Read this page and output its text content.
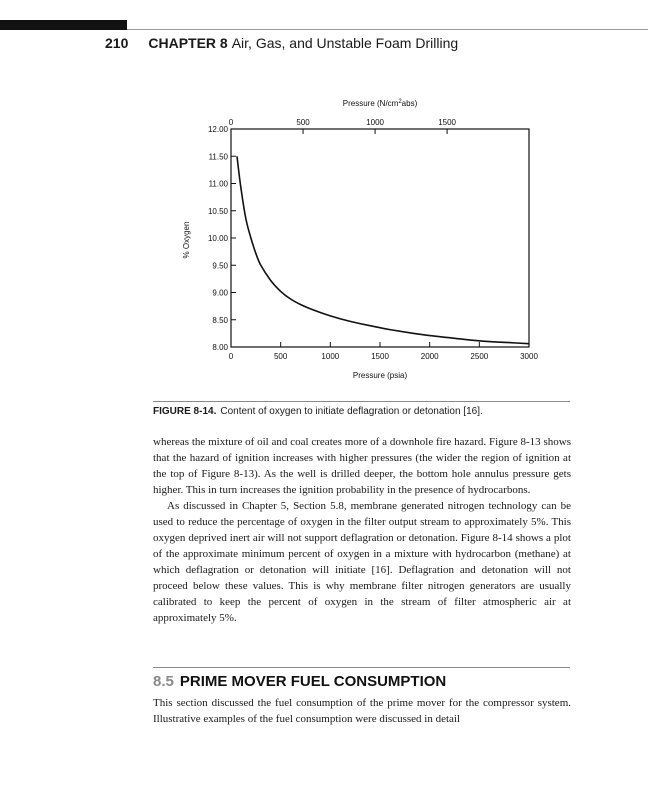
210 CHAPTER 8 Air, Gas, and Unstable Foam Drilling
0	500	1000	1500	2000	2500	3000
0	500	1000	1500
8.00
8.50
9.00
9.50
10.00
10.50
11.00
11.50
12.00
Pressure (psia)
Pressure $(N/cm^2abs)$
% Oxygen
FIGURE 8-14. Content of oxygen to initiate deflagration or detonation [16].

whereas the mixture of oil and coal creates more of a downhole fire hazard. Figure 8-13 shows that the hazard of ignition increases with higher pressures (the wider the region of ignition at the top of Figure 8-13). As the well is drilled deeper, the bottom hole annulus pressure gets higher. This in turn increases the ignition probability in the presence of hydrocarbons.

As discussed in Chapter 5, Section 5.8, membrane generated nitrogen technology can be used to reduce the percentage of oxygen in the filter output stream to approximately 5%. This oxygen deprived inert air will not support deflagration or detonation. Figure 8-14 shows a plot of the approximate minimum percent of oxygen in a mixture with hydrocarbon (methane) at which deflagration or detonation will initiate [16]. Deflagration and detonation will not proceed below these values. This is why membrane filter nitrogen generators are usually calibrated to keep the percent of oxygen in the stream of filter atmospheric air at approximately 5%.

8.5 PRIME MOVER FUEL CONSUMPTION

This section discussed the fuel consumption of the prime mover for the compressor system. Illustrative examples of the fuel consumption were discussed in detail
